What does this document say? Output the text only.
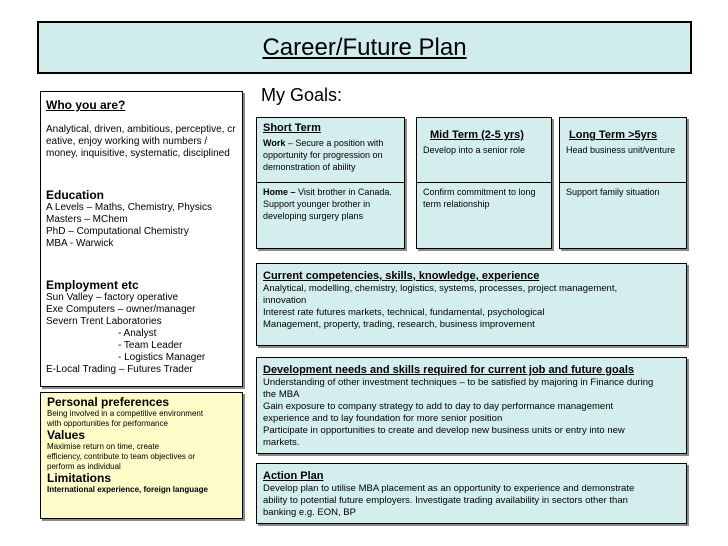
Career/Future Plan
My Goals:
Who you are?
Analytical, driven, ambitious, perceptive, cr
eative, enjoy working with numbers /
money, inquisitive, systematic, disciplined
Education
A Levels – Maths, Chemistry, Physics
Masters – MChem
PhD – Computational Chemistry
MBA - Warwick
Employment etc
Sun Valley – factory operative
Exe Computers – owner/manager
Severn Trent Laboratories
- Analyst
- Team Leader
- Logistics Manager
E-Local Trading – Futures Trader
Personal preferences
Being involved in a competitive environment
with opportunities for performance
Values
Maximise return on time, create
efficiency, contribute to team objectives or
perform as individual
Limitations
International experience, foreign language
Short Term
Work – Secure a position with opportunity for progression on demonstration of ability
Home – Visit brother in Canada. Support younger brother in developing surgery plans
Mid Term (2-5 yrs)
Develop into a senior role
Confirm commitment to long term relationship
Long Term >5yrs
Head business unit/venture
Support family situation
Current competencies, skills, knowledge, experience
Analytical, modelling, chemistry, logistics, systems, processes, project management,
innovation
Interest rate futures markets, technical, fundamental, psychological
Management, property, trading, research, business improvement
Development needs and skills required for current job and future goals
Understanding of other investment techniques – to be satisfied by majoring in Finance during
the MBA
Gain exposure to company strategy to add to day to day performance management
experience and to lay foundation for more senior position
Participate in opportunities to create and develop new business units or entry into new
markets.
Action Plan
Develop plan to utilise MBA placement as an opportunity to experience and demonstrate
ability to potential future employers. Investigate trading availability in sectors other than
banking e.g. EON, BP
